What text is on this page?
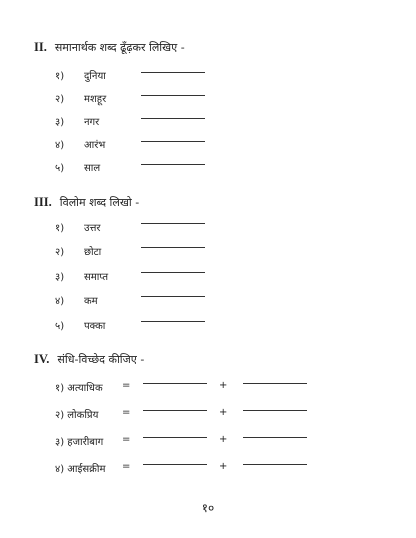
II. समानार्थक शब्द ढूँढ़कर लिखिए -
१) दुनिया
२) मशहूर
३) नगर
४) आरंभ
५) साल
III. विलोम शब्द लिखो -
१) उत्तर
२) छोटा
३) समाप्त
४) कम
५) पक्का
IV. संधि-विच्छेद कीजिए -
१) अत्याधिक =	+
२) लोकप्रिय =	+
३) हजारीबाग =	+
४) आईसक्रीम =	+
१०
